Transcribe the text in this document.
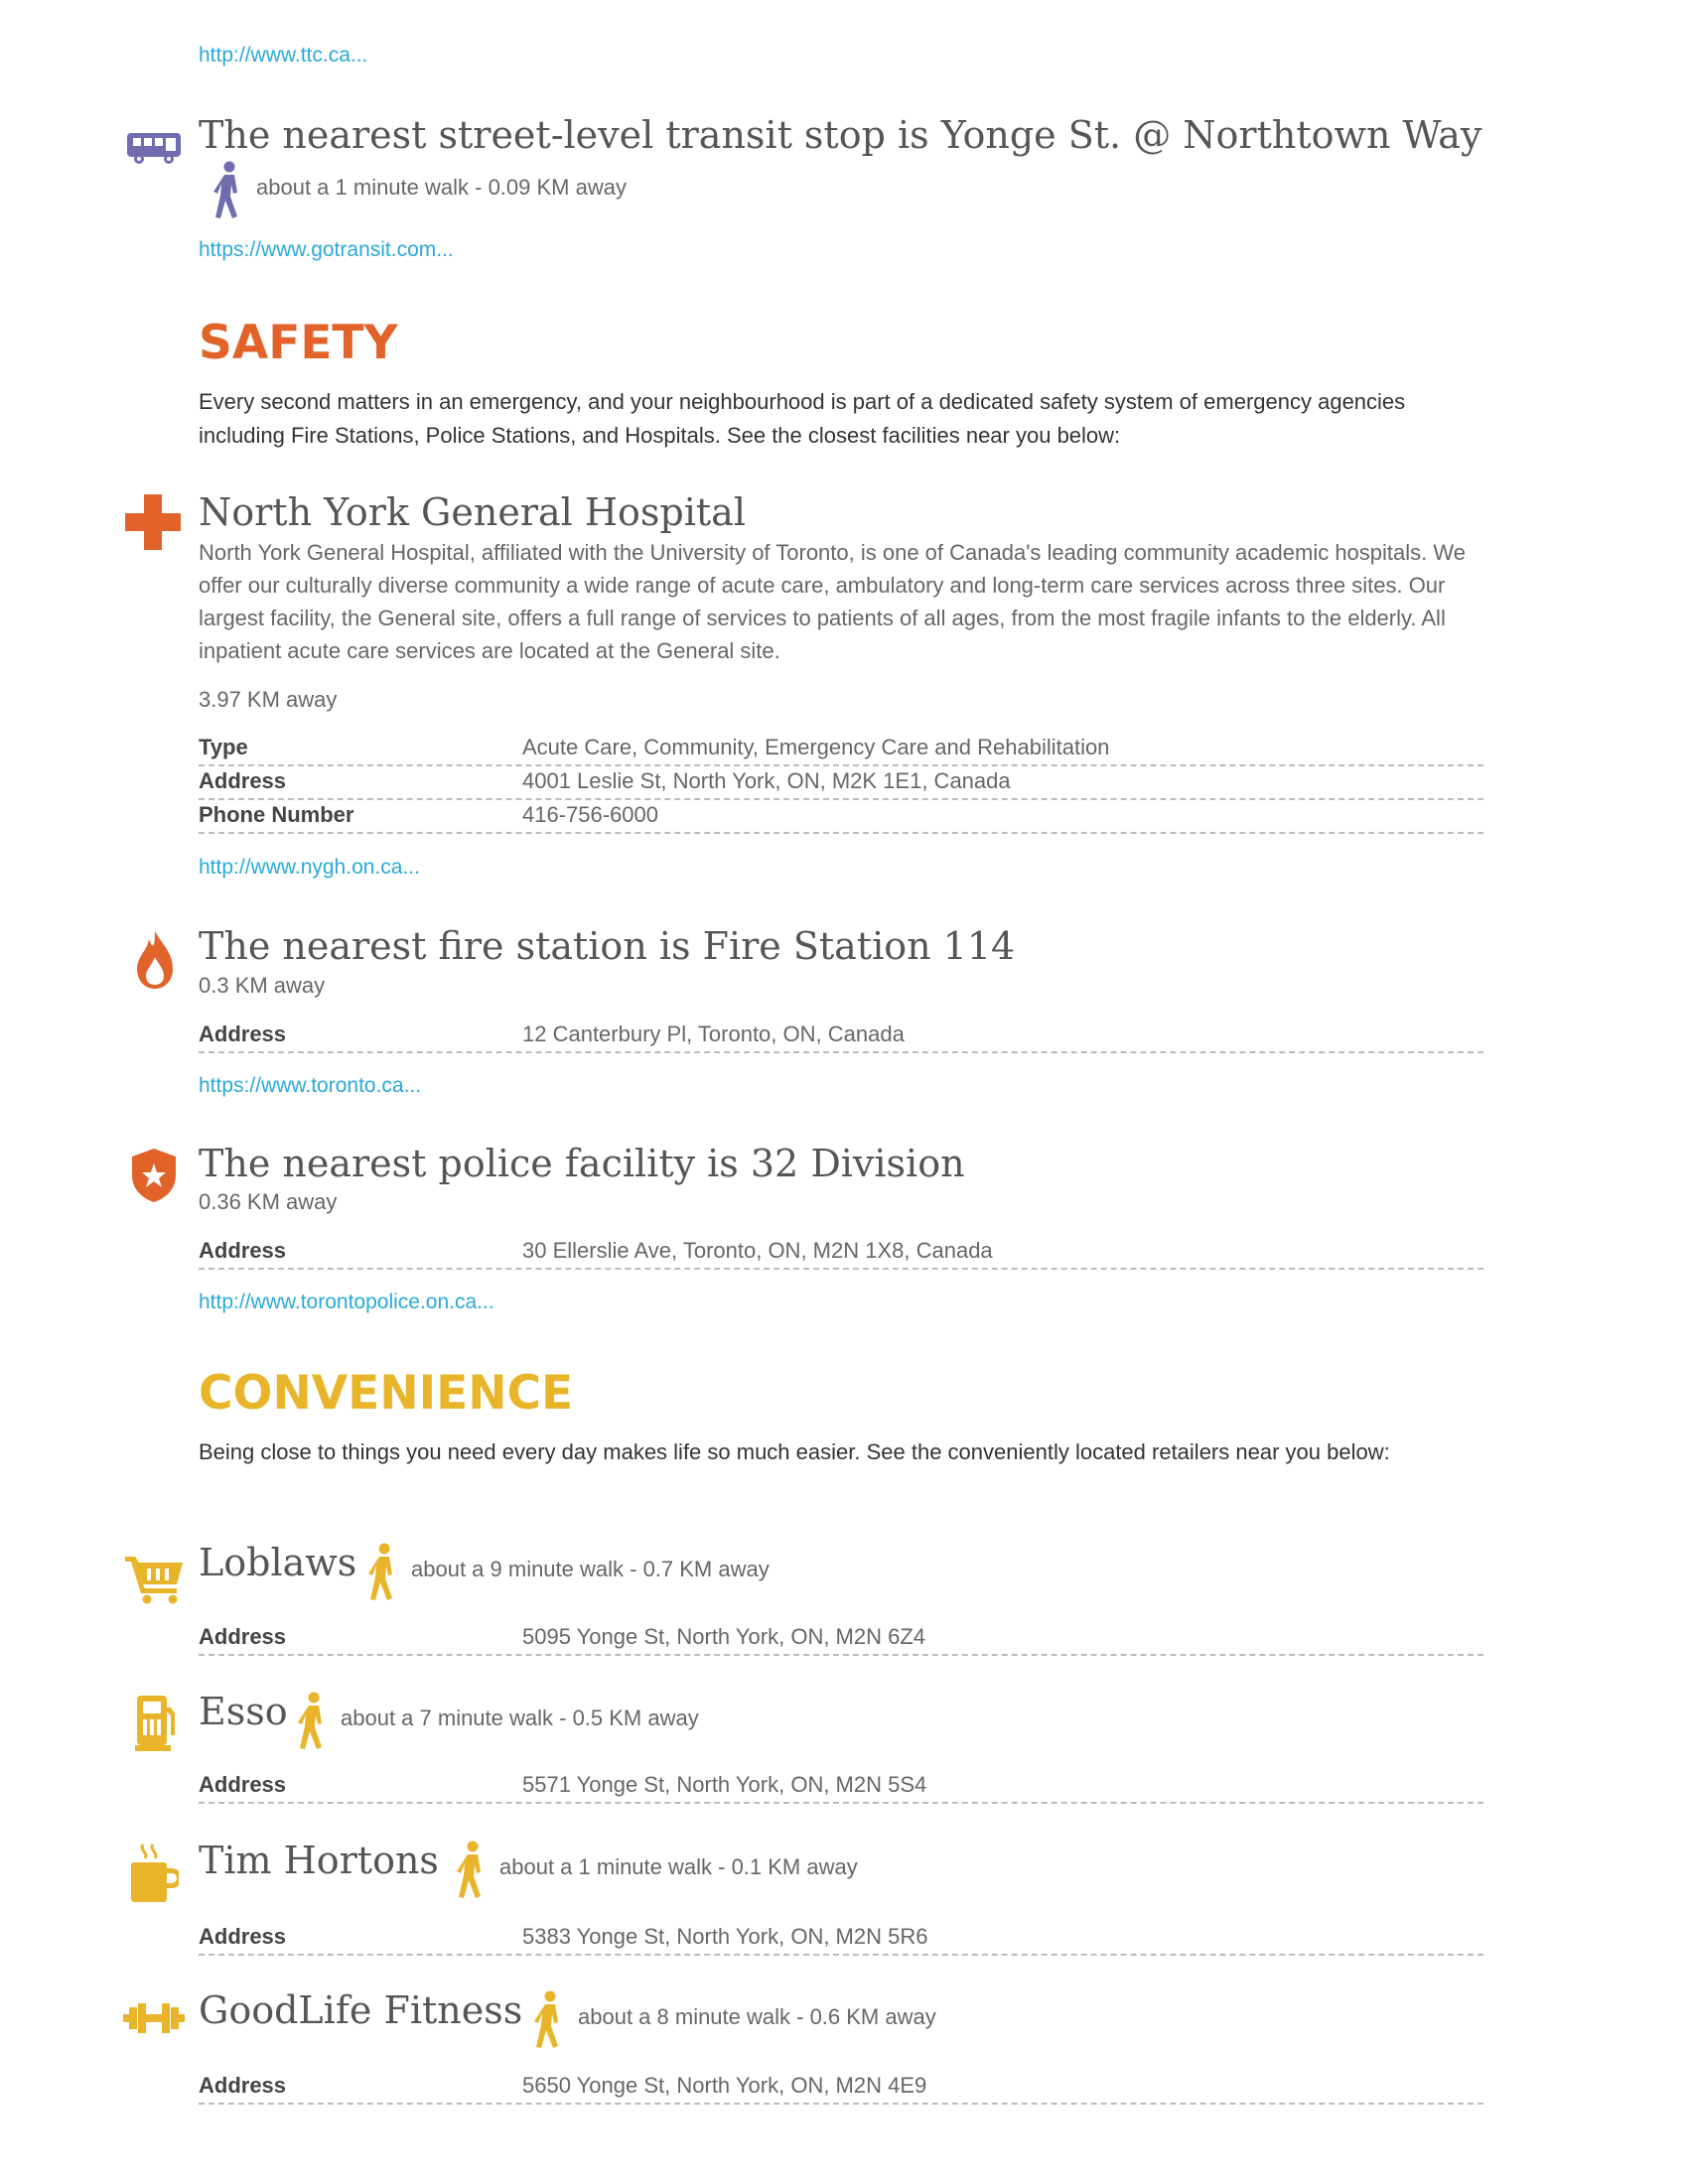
http://www.ttc.ca...
The nearest street-level transit stop is Yonge St. @ Northtown Way
about a 1 minute walk - 0.09 KM away
https://www.gotransit.com...
SAFETY
Every second matters in an emergency, and your neighbourhood is part of a dedicated safety system of emergency agencies including Fire Stations, Police Stations, and Hospitals. See the closest facilities near you below:
North York General Hospital
North York General Hospital, affiliated with the University of Toronto, is one of Canada's leading community academic hospitals. We offer our culturally diverse community a wide range of acute care, ambulatory and long-term care services across three sites. Our largest facility, the General site, offers a full range of services to patients of all ages, from the most fragile infants to the elderly. All inpatient acute care services are located at the General site.
3.97 KM away
Type	Acute Care, Community, Emergency Care and Rehabilitation
Address	4001 Leslie St, North York, ON, M2K 1E1, Canada
Phone Number	416-756-6000
http://www.nygh.on.ca...
The nearest fire station is Fire Station 114
0.3 KM away
Address	12 Canterbury Pl, Toronto, ON, Canada
https://www.toronto.ca...
The nearest police facility is 32 Division
0.36 KM away
Address	30 Ellerslie Ave, Toronto, ON, M2N 1X8, Canada
http://www.torontopolice.on.ca...
CONVENIENCE
Being close to things you need every day makes life so much easier. See the conveniently located retailers near you below:
Loblaws about a 9 minute walk - 0.7 KM away
Address	5095 Yonge St, North York, ON, M2N 6Z4
Esso about a 7 minute walk - 0.5 KM away
Address	5571 Yonge St, North York, ON, M2N 5S4
Tim Hortons	about a 1 minute walk - 0.1 KM away
Address	5383 Yonge St, North York, ON, M2N 5R6
GoodLife Fitness	about a 8 minute walk - 0.6 KM away
Address	5650 Yonge St, North York, ON, M2N 4E9
